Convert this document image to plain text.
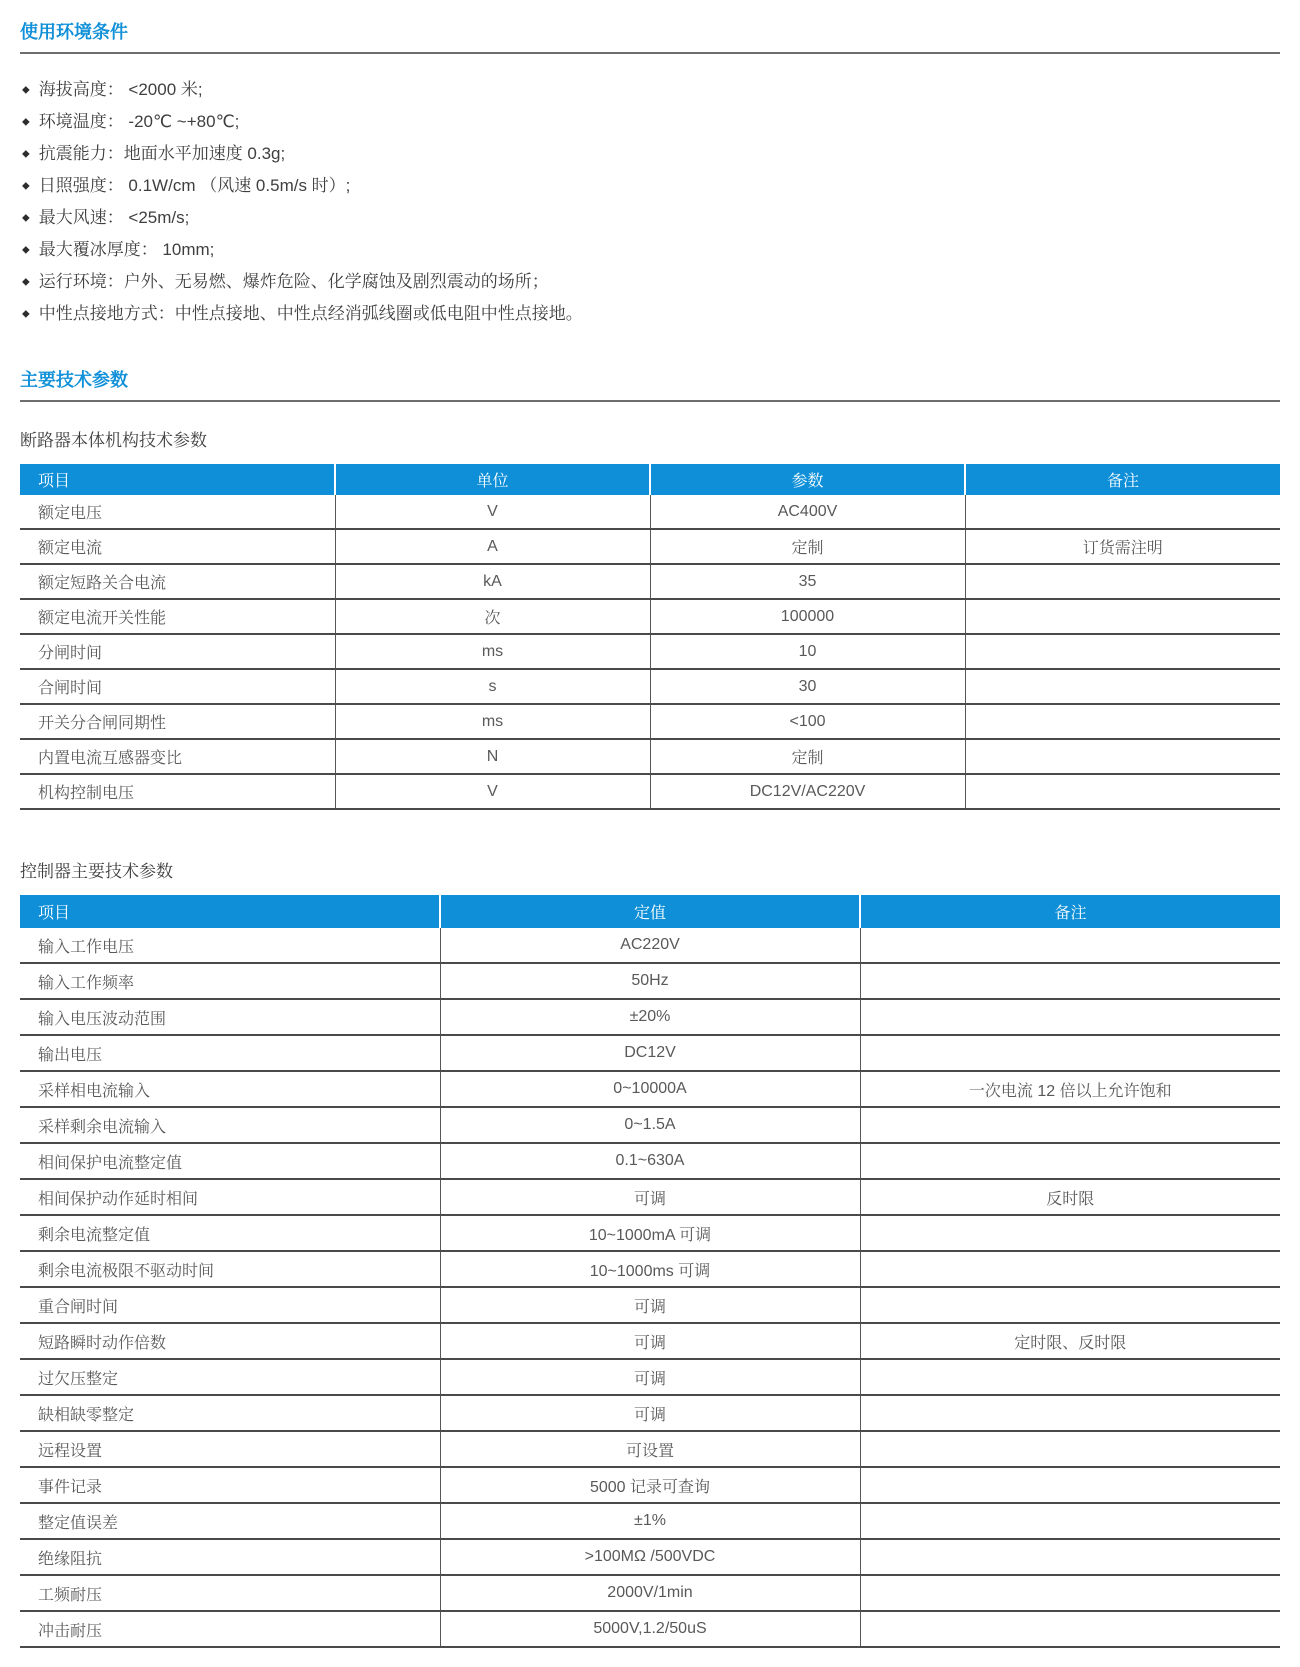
使用环境条件
◆ 海拔高度： <2000 米;
◆ 环境温度： -20℃ ~+80℃;
◆ 抗震能力：地面水平加速度 0.3g;
◆ 日照强度： 0.1W/cm （风速 0.5m/s 时）;
◆ 最大风速： <25m/s;
◆ 最大覆冰厚度： 10mm;
◆ 运行环境：户外、无易燃、爆炸危险、化学腐蚀及剧烈震动的场所；
◆ 中性点接地方式：中性点接地、中性点经消弧线圈或低电阻中性点接地。
主要技术参数

断路器本体机构技术参数

项目	单位	参数	备注
额定电压	V	AC400V	
额定电流	A	定制	订货需注明
额定短路关合电流	kA	35	
额定电流开关性能	次	100000	
分闸时间	ms	10	
合闸时间	s	30	
开关分合闸同期性	ms	<100	
内置电流互感器变比	N	定制	
机构控制电压	V	DC12V/AC220V	

控制器主要技术参数

项目	定值	备注
输入工作电压	AC220V	
输入工作频率	50Hz	
输入电压波动范围	±20%	
输出电压	DC12V	
采样相电流输入	0~10000A	一次电流 12 倍以上允许饱和
采样剩余电流输入	0~1.5A	
相间保护电流整定值	0.1~630A	
相间保护动作延时相间	可调	反时限
剩余电流整定值	10~1000mA 可调	
剩余电流极限不驱动时间	10~1000ms 可调	
重合闸时间	可调	
短路瞬时动作倍数	可调	定时限、反时限
过欠压整定	可调	
缺相缺零整定	可调	
远程设置	可设置	
事件记录	5000 记录可查询	
整定值误差	±1%	
绝缘阻抗	>100MΩ /500VDC	
工频耐压	2000V/1min	
冲击耐压	5000V,1.2/50uS	
